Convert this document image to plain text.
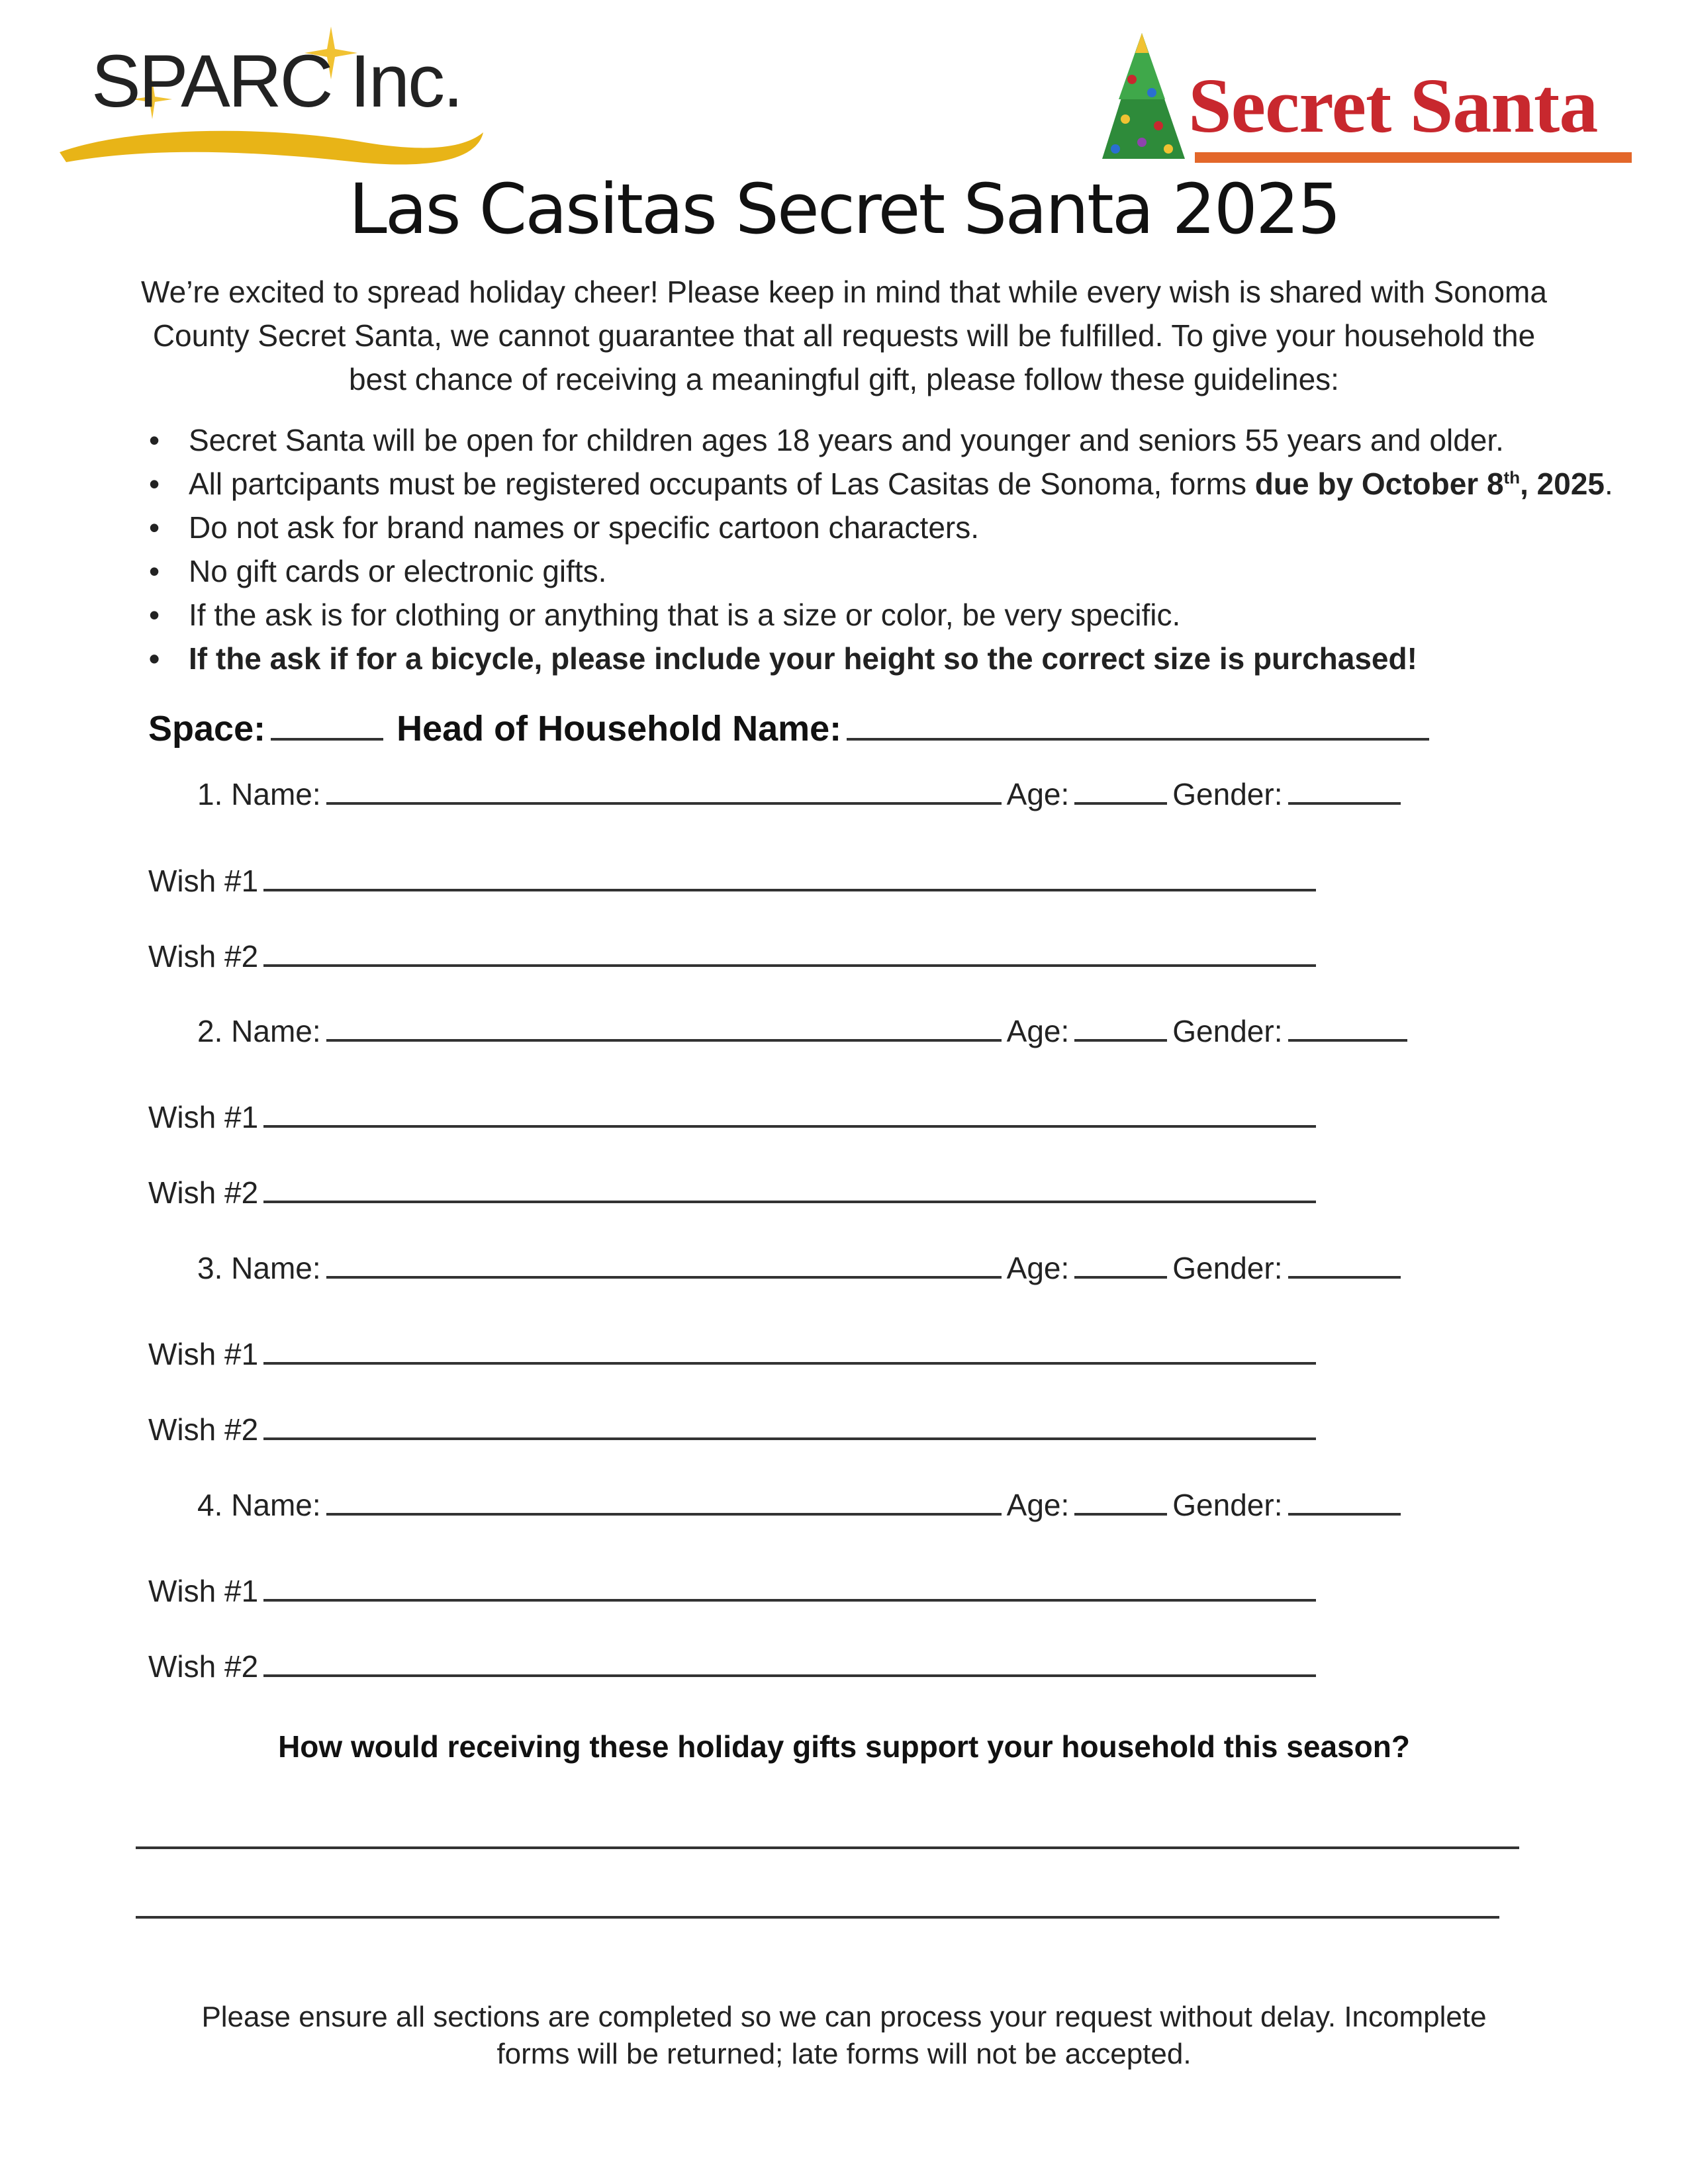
SPARC Inc.	Secret Santa
Las Casitas Secret Santa 2025
We’re excited to spread holiday cheer! Please keep in mind that while every wish is shared with Sonoma County Secret Santa, we cannot guarantee that all requests will be fulfilled. To give your household the best chance of receiving a meaningful gift, please follow these guidelines:
• Secret Santa will be open for children ages 18 years and younger and seniors 55 years and older.
• All partcipants must be registered occupants of Las Casitas de Sonoma, forms due by October 8th, 2025.
• Do not ask for brand names or specific cartoon characters.
• No gift cards or electronic gifts.
• If the ask is for clothing or anything that is a size or color, be very specific.
• If the ask if for a bicycle, please include your height so the correct size is purchased!
Space:	Head of Household Name:
1. Name:	Age:	Gender:
Wish #1
Wish #2
2. Name:	Age:	Gender:
Wish #1
Wish #2
3. Name:	Age:	Gender:
Wish #1
Wish #2
4. Name:	Age:	Gender:
Wish #1
Wish #2
How would receiving these holiday gifts support your household this season?
Please ensure all sections are completed so we can process your request without delay. Incomplete forms will be returned; late forms will not be accepted.
